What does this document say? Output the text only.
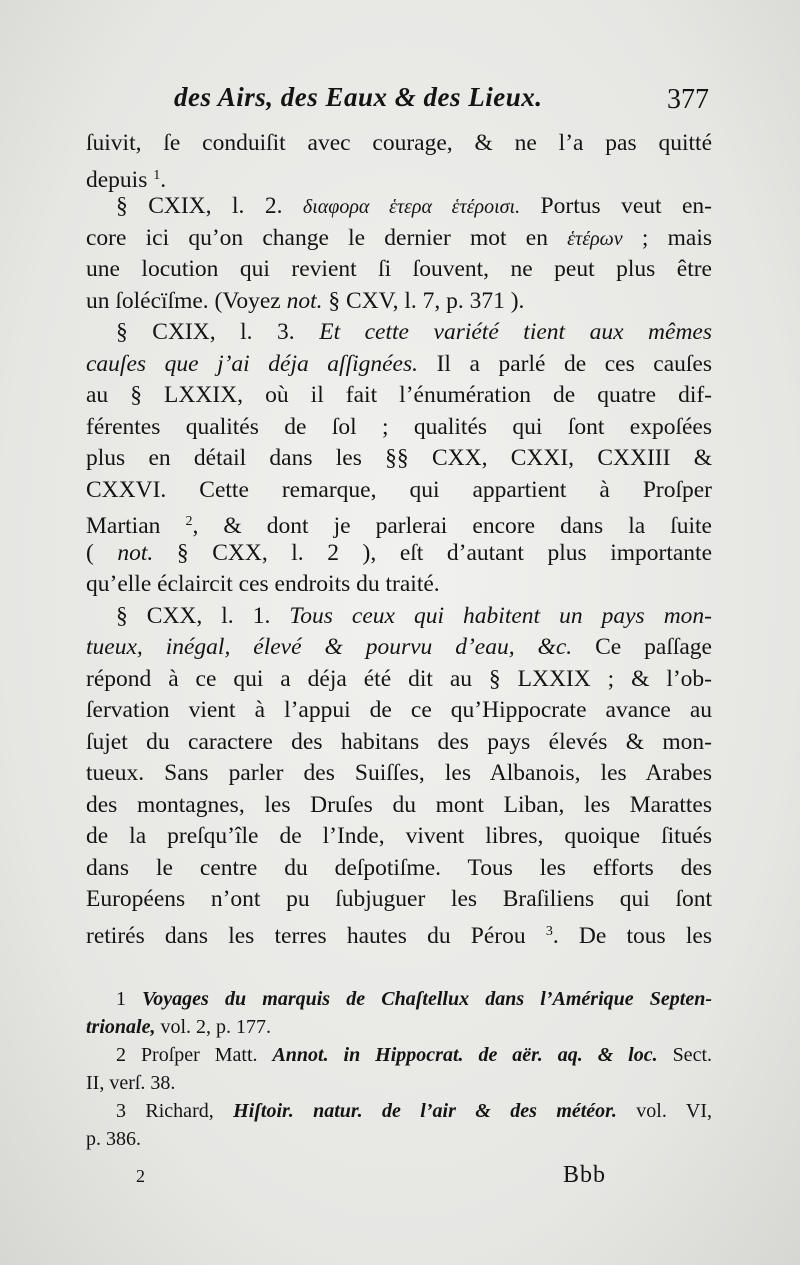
des Airs, des Eaux & des Lieux.	377
ſuivit, ſe conduiſit avec courage, & ne l’a pas quitté
depuis $^1$.
§ CXIX, l. 2. διαφορα ἑτερα ἑτέροισι. Portus veut en-
core ici qu’on change le dernier mot en ἑτέρων ; mais
une locution qui revient ſi ſouvent, ne peut plus être
un ſolécïſme. (Voyez not. § CXV, l. 7, p. 371 ).
§ CXIX, l. 3. Et cette variété tient aux mêmes
cauſes que j’ai déja aſſignées. Il a parlé de ces cauſes
au § LXXIX, où il fait l’énumération de quatre dif-
férentes qualités de ſol ; qualités qui ſont expoſées
plus en détail dans les §§ CXX, CXXI, CXXIII &
CXXVI. Cette remarque, qui appartient à Proſper
Martian $^2$, & dont je parlerai encore dans la ſuite
( not. § CXX, l. 2 ), eſt d’autant plus importante
qu’elle éclaircit ces endroits du traité.
§ CXX, l. 1. Tous ceux qui habitent un pays mon-
tueux, inégal, élevé & pourvu d’eau, &c. Ce paſſage
répond à ce qui a déja été dit au § LXXIX ; & l’ob-
ſervation vient à l’appui de ce qu’Hippocrate avance au
ſujet du caractere des habitans des pays élevés & mon-
tueux. Sans parler des Suiſſes, les Albanois, les Arabes
des montagnes, les Druſes du mont Liban, les Marattes
de la preſqu’île de l’Inde, vivent libres, quoique ſitués
dans le centre du deſpotiſme. Tous les efforts des
Européens n’ont pu ſubjuguer les Braſiliens qui ſont
retirés dans les terres hautes du Pérou $^3$. De tous les
1 Voyages du marquis de Chaſtellux dans l’Amérique Septen-
trionale, vol. 2, p. 177.
2 Proſper Matt. Annot. in Hippocrat. de aër. aq. & loc. Sect.
II, verſ. 38.
3 Richard, Hiſtoir. natur. de l’air & des météor. vol. VI,
p. 386.
2	Bbb
